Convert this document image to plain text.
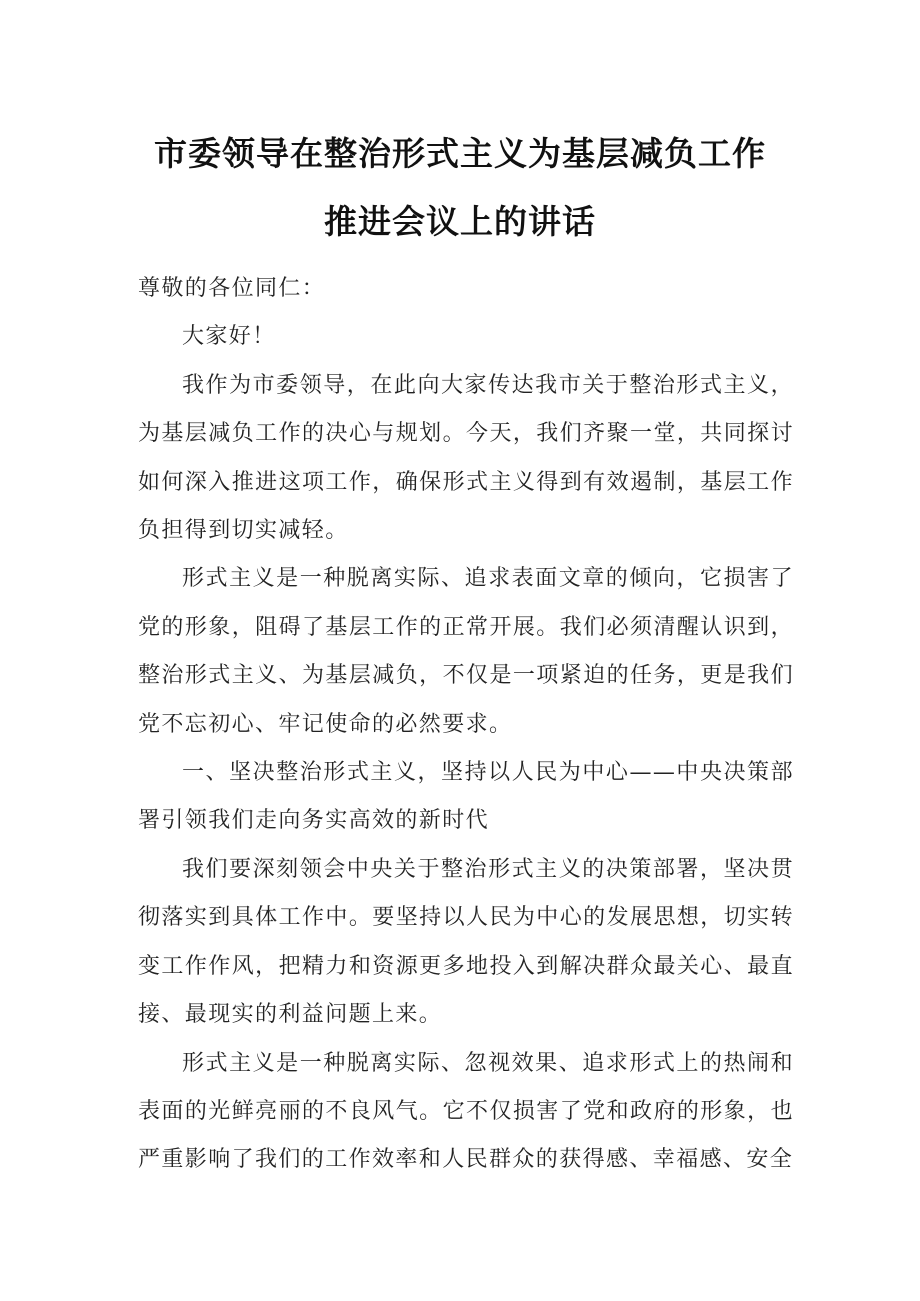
市委领导在整治形式主义为基层减负工作
推进会议上的讲话

尊敬的各位同仁：

大家好！

我作为市委领导，在此向大家传达我市关于整治形式主义，为基层减负工作的决心与规划。今天，我们齐聚一堂，共同探讨如何深入推进这项工作，确保形式主义得到有效遏制，基层工作负担得到切实减轻。

形式主义是一种脱离实际、追求表面文章的倾向，它损害了党的形象，阻碍了基层工作的正常开展。我们必须清醒认识到，整治形式主义、为基层减负，不仅是一项紧迫的任务，更是我们党不忘初心、牢记使命的必然要求。

一、坚决整治形式主义，坚持以人民为中心——中央决策部署引领我们走向务实高效的新时代

我们要深刻领会中央关于整治形式主义的决策部署，坚决贯彻落实到具体工作中。要坚持以人民为中心的发展思想，切实转变工作作风，把精力和资源更多地投入到解决群众最关心、最直接、最现实的利益问题上来。

形式主义是一种脱离实际、忽视效果、追求形式上的热闹和表面的光鲜亮丽的不良风气。它不仅损害了党和政府的形象，也严重影响了我们的工作效率和人民群众的获得感、幸福感、安全
